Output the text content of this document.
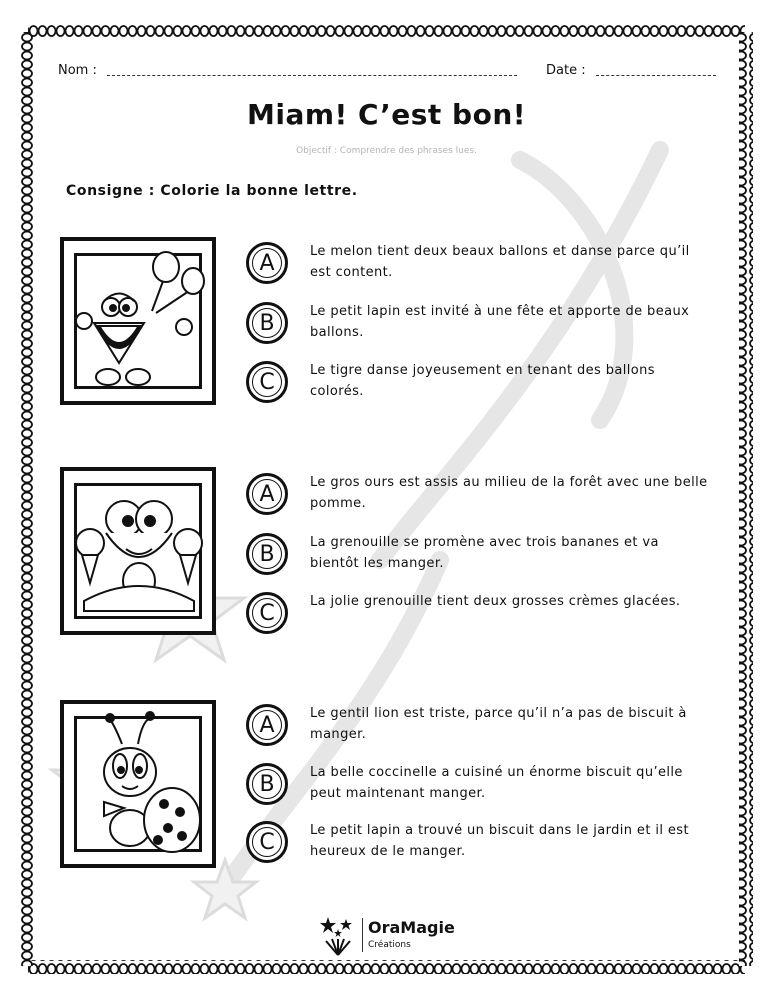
Nom :	Date :
Miam! C’est bon!
Objectif : Comprendre des phrases lues.
Consigne : Colorie la bonne lettre.
A	Le melon tient deux beaux ballons et danse parce qu’il est content.
B	Le petit lapin est invité à une fête et apporte de beaux ballons.
C	Le tigre danse joyeusement en tenant des ballons colorés.
A	Le gros ours est assis au milieu de la forêt avec une belle pomme.
B	La grenouille se promène avec trois bananes et va bientôt les manger.
C	La jolie grenouille tient deux grosses crèmes glacées.
A	Le gentil lion est triste, parce qu’il n’a pas de biscuit à manger.
B	La belle coccinelle a cuisiné un énorme biscuit qu’elle peut maintenant manger.
C	Le petit lapin a trouvé un biscuit dans le jardin et il est heureux de le manger.
OraMagie
Créations
